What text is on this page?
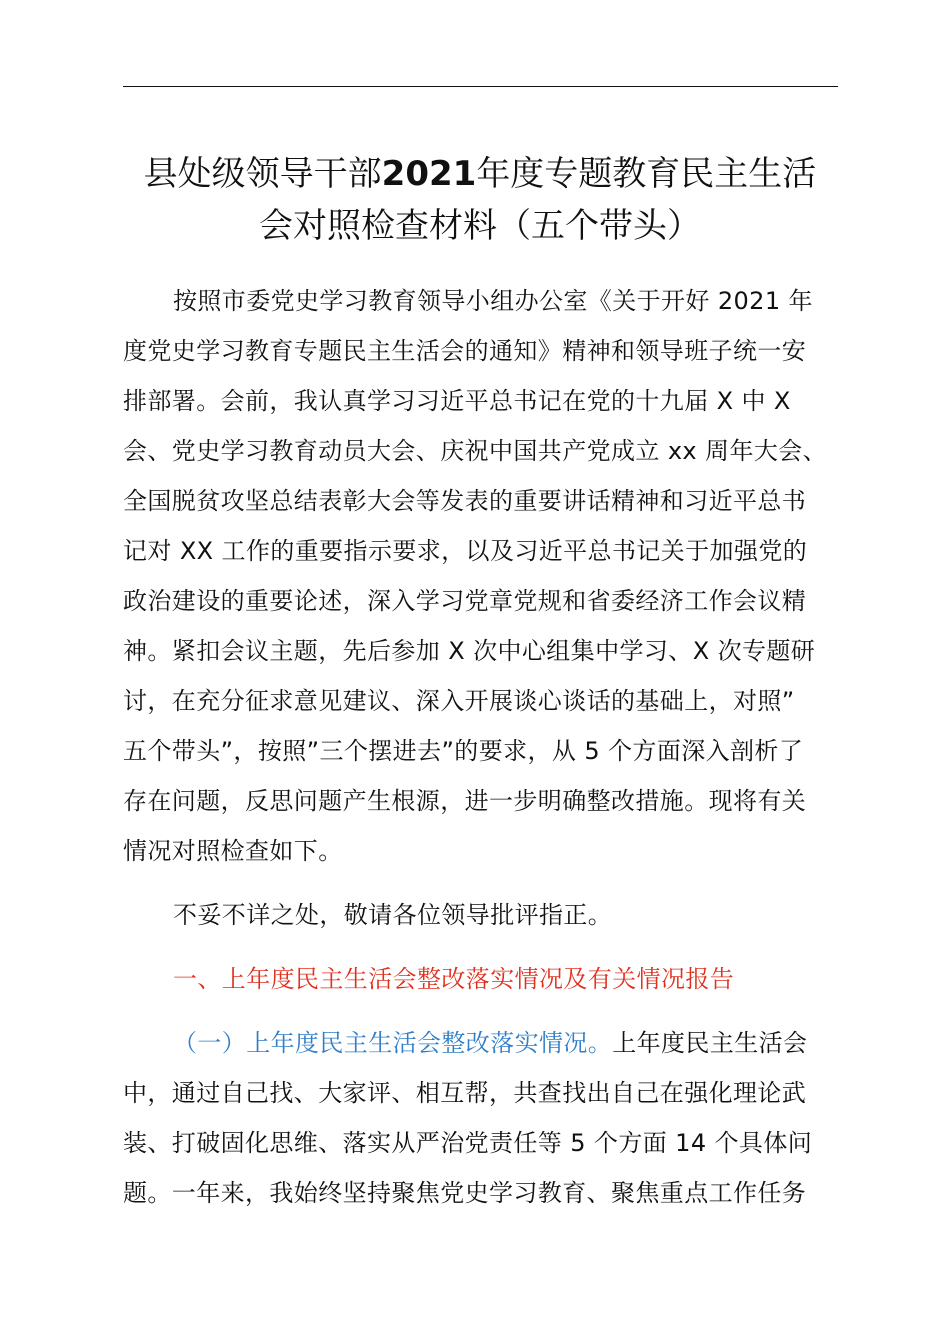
县处级领导干部2021年度专题教育民主生活
会对照检查材料（五个带头）

按照市委党史学习教育领导小组办公室《关于开好 2021 年
度党史学习教育专题民主生活会的通知》精神和领导班子统一安
排部署。会前，我认真学习习近平总书记在党的十九届 X 中 X
会、党史学习教育动员大会、庆祝中国共产党成立 xx 周年大会、
全国脱贫攻坚总结表彰大会等发表的重要讲话精神和习近平总书
记对 XX 工作的重要指示要求，以及习近平总书记关于加强党的
政治建设的重要论述，深入学习党章党规和省委经济工作会议精
神。紧扣会议主题，先后参加 X 次中心组集中学习、X 次专题研
讨，在充分征求意见建议、深入开展谈心谈话的基础上，对照”
五个带头”，按照”三个摆进去”的要求，从 5 个方面深入剖析了
存在问题，反思问题产生根源，进一步明确整改措施。现将有关
情况对照检查如下。

不妥不详之处，敬请各位领导批评指正。

一、上年度民主生活会整改落实情况及有关情况报告

（一）上年度民主生活会整改落实情况。上年度民主生活会
中，通过自己找、大家评、相互帮，共查找出自己在强化理论武
装、打破固化思维、落实从严治党责任等 5 个方面 14 个具体问
题。一年来，我始终坚持聚焦党史学习教育、聚焦重点工作任务
